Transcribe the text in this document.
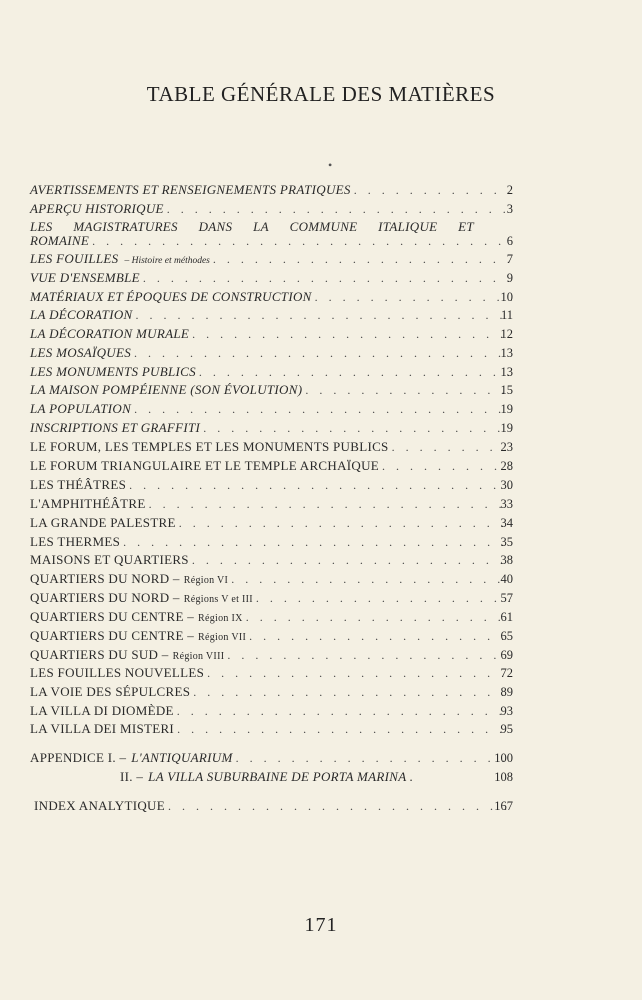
TABLE GÉNÉRALE DES MATIÈRES
•
AVERTISSEMENTS ET RENSEIGNEMENTS PRATIQUES . . .	2
APERÇU HISTORIQUE . . .	3
LES MAGISTRATURES DANS LA COMMUNE ITALIQUE ET
ROMAINE . . .	6
LES FOUILLES – Histoire et méthodes . . .	7
VUE D'ENSEMBLE . . .	9
MATÉRIAUX ET ÉPOQUES DE CONSTRUCTION . . .	10
LA DÉCORATION . . .	11
LA DÉCORATION MURALE . . .	12
LES MOSAÏQUES . . .	13
LES MONUMENTS PUBLICS . . .	13
LA MAISON POMPÉIENNE (SON ÉVOLUTION) . . .	15
LA POPULATION . . .	19
INSCRIPTIONS ET GRAFFITI . . .	19
LE FORUM, LES TEMPLES ET LES MONUMENTS PUBLICS . . .	23
LE FORUM TRIANGULAIRE ET LE TEMPLE ARCHAÏQUE . . .	28
LES THÉÂTRES . . .	30
L'AMPHITHÉÂTRE . . .	33
LA GRANDE PALESTRE . . .	34
LES THERMES . . .	35
MAISONS ET QUARTIERS . . .	38
QUARTIERS DU NORD – Région VI . . .	40
QUARTIERS DU NORD – Régions V et III . . .	57
QUARTIERS DU CENTRE – Région IX . . .	61
QUARTIERS DU CENTRE – Région VII . . .	65
QUARTIERS DU SUD – Région VIII . . .	69
LES FOUILLES NOUVELLES . . .	72
LA VOIE DES SÉPULCRES . . .	89
LA VILLA DI DIOMÈDE . . .	93
LA VILLA DEI MISTERI . . .	95
APPENDICE I. – L'ANTIQUARIUM . . .	100
II. – LA VILLA SUBURBAINE DE PORTA MARINA .	108
INDEX ANALYTIQUE . . .	167
171
